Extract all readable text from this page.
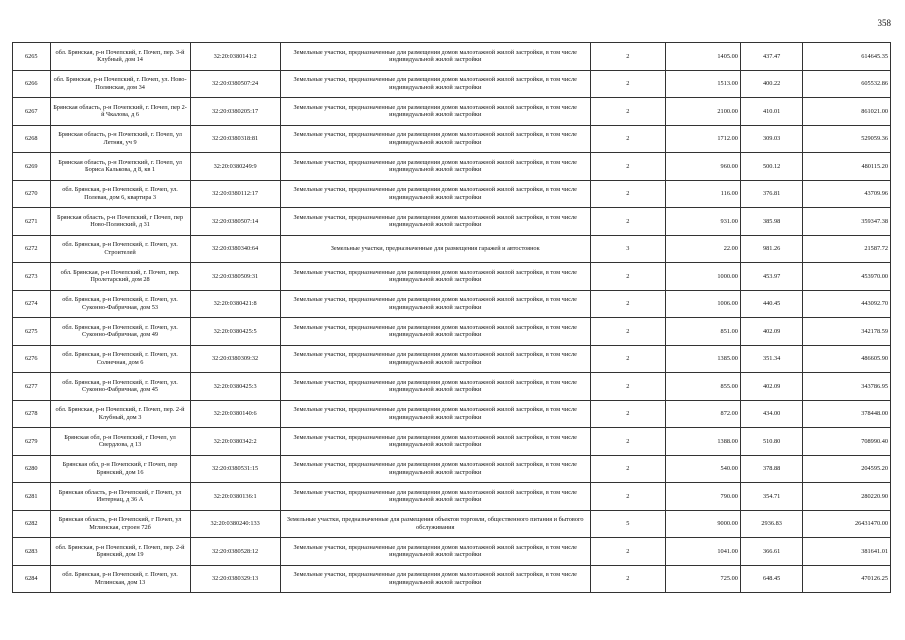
358
6265	обл. Брянская, р-н Почепский, г. Почеп, пер. 3-й Клубный, дом 14	32:20:0380141:2	Земельные участки, предназначенные для размещения домов малоэтажной жилой застройки, в том числе индивидуальной жилой застройки	2	1405.00	437.47	614645.35
6266	обл. Брянская, р-н Почепский, г. Почеп, ул. Ново-Полянская, дом 34	32:20:0380507:24	Земельные участки, предназначенные для размещения домов малоэтажной жилой застройки, в том числе индивидуальной жилой застройки	2	1513.00	400.22	605532.86
6267	Брянская область, р-н Почепский, г. Почеп, пер 2-й Чкалова, д 6	32:20:0380205:17	Земельные участки, предназначенные для размещения домов малоэтажной жилой застройки, в том числе индивидуальной жилой застройки	2	2100.00	410.01	861021.00
6268	Брянская область, р-н Почепский, г. Почеп, ул Летняя, уч 9	32:20:0380318:81	Земельные участки, предназначенные для размещения домов малоэтажной жилой застройки, в том числе индивидуальной жилой застройки	2	1712.00	309.03	529059.36
6269	Брянская область, р-н Почепский, г. Почеп, ул Бориса Калькова, д 8, кв 1	32:20:0380249:9	Земельные участки, предназначенные для размещения домов малоэтажной жилой застройки, в том числе индивидуальной жилой застройки	2	960.00	500.12	480115.20
6270	обл. Брянская, р-н Почепский, г. Почеп, ул. Полевая, дом 6, квартира 3	32:20:0380112:17	Земельные участки, предназначенные для размещения домов малоэтажной жилой застройки, в том числе индивидуальной жилой застройки	2	116.00	376.81	43709.96
6271	Брянская область, р-н Почепский, г Почеп, пер Ново-Полянский, д 31	32:20:0380507:14	Земельные участки, предназначенные для размещения домов малоэтажной жилой застройки, в том числе индивидуальной жилой застройки	2	931.00	385.98	359347.38
6272	обл. Брянская, р-н Почепский, г. Почеп, ул. Строителей	32:20:0380340:64	Земельные участки, предназначенные для размещения гаражей и автостоянок	3	22.00	981.26	21587.72
6273	обл. Брянская, р-н Почепский, г. Почеп, пер. Пролетарский, дом 28	32:20:0380509:31	Земельные участки, предназначенные для размещения домов малоэтажной жилой застройки, в том числе индивидуальной жилой застройки	2	1000.00	453.97	453970.00
6274	обл. Брянская, р-н Почепский, г. Почеп, ул. Суконно-Фабричная, дом 53	32:20:0380421:8	Земельные участки, предназначенные для размещения домов малоэтажной жилой застройки, в том числе индивидуальной жилой застройки	2	1006.00	440.45	443092.70
6275	обл. Брянская, р-н Почепский, г. Почеп, ул. Суконно-Фабричная, дом 49	32:20:0380425:5	Земельные участки, предназначенные для размещения домов малоэтажной жилой застройки, в том числе индивидуальной жилой застройки	2	851.00	402.09	342178.59
6276	обл. Брянская, р-н Почепский, г. Почеп, ул. Солнечная, дом 6	32:20:0380309:32	Земельные участки, предназначенные для размещения домов малоэтажной жилой застройки, в том числе индивидуальной жилой застройки	2	1385.00	351.34	486605.90
6277	обл. Брянская, р-н Почепский, г. Почеп, ул. Суконно-Фабричная, дом 45	32:20:0380425:3	Земельные участки, предназначенные для размещения домов малоэтажной жилой застройки, в том числе индивидуальной жилой застройки	2	855.00	402.09	343786.95
6278	обл. Брянская, р-н Почепский, г. Почеп, пер. 2-й Клубный, дом 3	32:20:0380140:6	Земельные участки, предназначенные для размещения домов малоэтажной жилой застройки, в том числе индивидуальной жилой застройки	2	872.00	434.00	378448.00
6279	Брянская обл, р-н Почепский, г Почеп, ул Свердлова, д 13	32:20:0380342:2	Земельные участки, предназначенные для размещения домов малоэтажной жилой застройки, в том числе индивидуальной жилой застройки	2	1388.00	510.80	708990.40
6280	Брянская обл, р-н Почепский, г Почеп, пер Брянский, дом 16	32:20:0380531:15	Земельные участки, предназначенные для размещения домов малоэтажной жилой застройки, в том числе индивидуальной жилой застройки	2	540.00	378.88	204595.20
6281	Брянская область, р-н Почепский, г Почеп, ул Интернац, д 36 А	32:20:0380136:1	Земельные участки, предназначенные для размещения домов малоэтажной жилой застройки, в том числе индивидуальной жилой застройки	2	790.00	354.71	280220.90
6282	Брянская область, р-н Почепский, г Почеп, ул Мглинская, строен 72б	32:20:0380240:133	Земельные участки, предназначенные для размещения объектов торговли, общественного питания и бытового обслуживания	5	9000.00	2936.83	26431470.00
6283	обл. Брянская, р-н Почепский, г. Почеп, пер. 2-й Брянский, дом 19	32:20:0380528:12	Земельные участки, предназначенные для размещения домов малоэтажной жилой застройки, в том числе индивидуальной жилой застройки	2	1041.00	366.61	381641.01
6284	обл. Брянская, р-н Почепский, г. Почеп, ул. Мглинская, дом 13	32:20:0380329:13	Земельные участки, предназначенные для размещения домов малоэтажной жилой застройки, в том числе индивидуальной жилой застройки	2	725.00	648.45	470126.25
